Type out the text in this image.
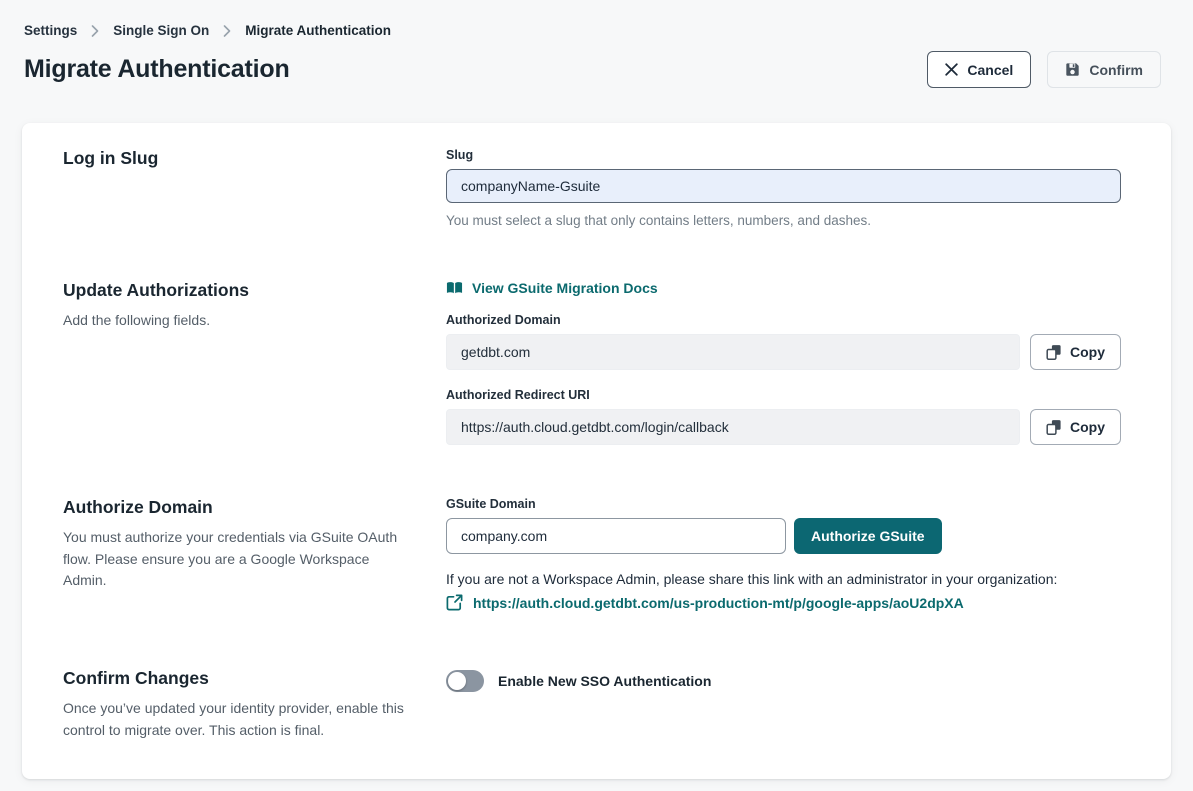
Settings	Single Sign On	Migrate Authentication
Migrate Authentication	Cancel	Confirm
Log in Slug	Slug
companyName-Gsuite

You must select a slug that only contains letters, numbers, and dashes.

Update Authorizations

Add the following fields.

View GSuite Migration Docs
Authorized Domain
getdbt.com
Copy
Authorized Redirect URI
https://auth.cloud.getdbt.com/login/callback
Copy
Authorize Domain

You must authorize your credentials via GSuite OAuth flow. Please ensure you are a Google Workspace Admin.

GSuite Domain
company.com
Authorize GSuite

If you are not a Workspace Admin, please share this link with an administrator in your organization:

https://auth.cloud.getdbt.com/us-production-mt/p/google-apps/aoU2dpXA
Confirm Changes

Once you’ve updated your identity provider, enable this control to migrate over. This action is final.

Enable New SSO Authentication
